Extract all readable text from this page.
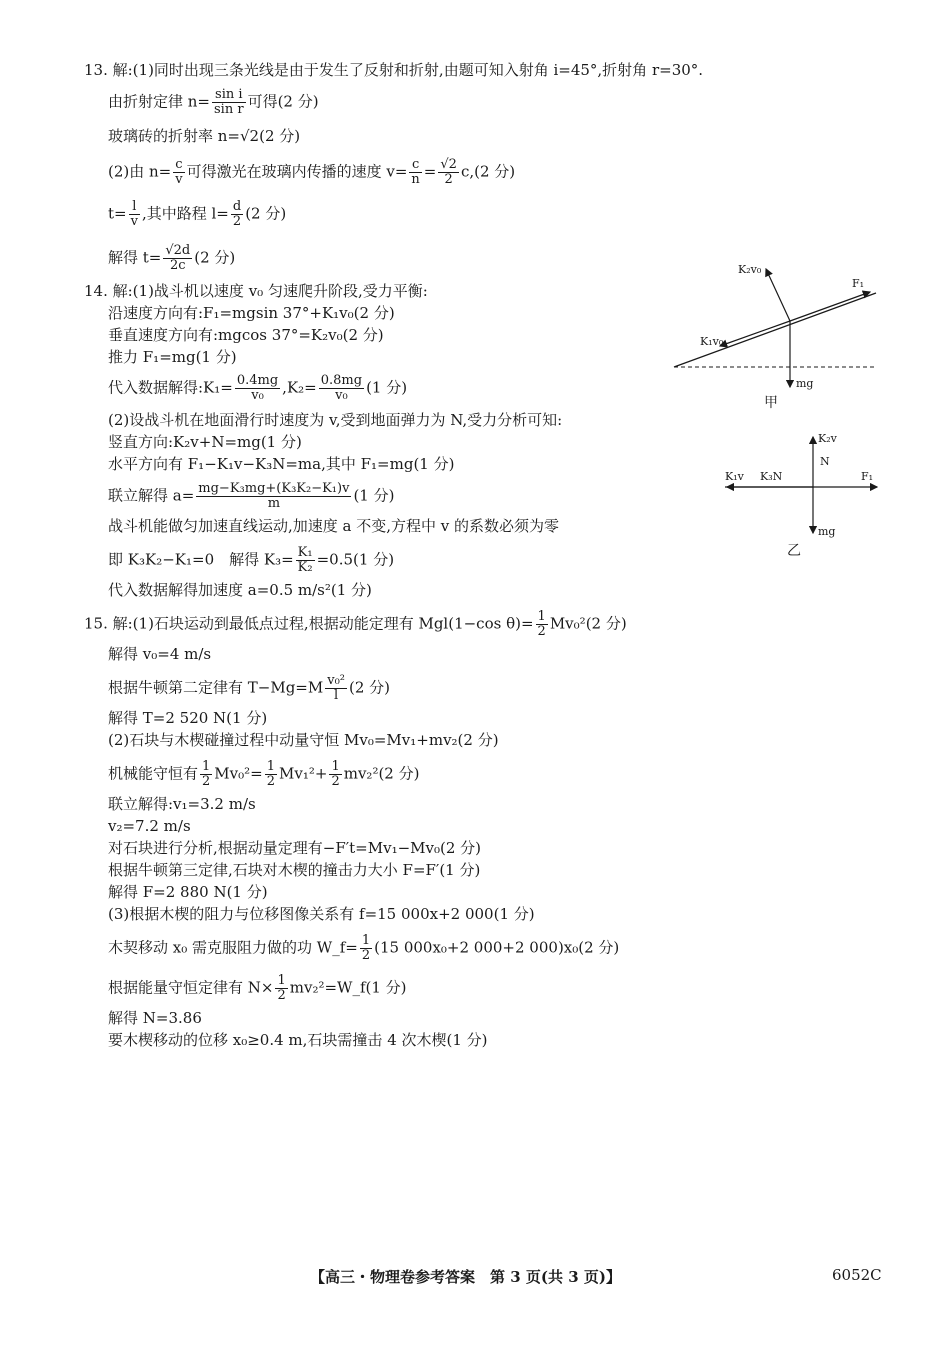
13. 解:(1)同时出现三条光线是由于发生了反射和折射,由题可知入射角 i=45°,折射角 r=30°.
由折射定律 $n= \frac{\text{sin i}}{\text{sin r}}$ 可得(2 分)
玻璃砖的折射率 n=√2(2 分)
(2)由 $n= \frac{c}{v}$ 可得激光在玻璃内传播的速度 $v= \frac{c}{n} = \frac{√2}{2} c,(2$ 分)
$t= \frac{l}{v}$ ,其中路程 $l= \frac{d}{2} (2$ 分)
解得 $t= \frac{√2d}{2c} (2$ 分)
14. 解:(1)战斗机以速度 v₀ 匀速爬升阶段,受力平衡:
沿速度方向有:F₁=mgsin 37°+K₁v₀(2 分)
垂直速度方向有:mgcos 37°=K₂v₀(2 分)
推力 F₁=mg(1 分)
代入数据解得:K₁= $\frac{0.4mg}{\text{v₀}} ,K_2= \frac{0.8mg}{\text{v₀}} (1$ 分)
(2)设战斗机在地面滑行时速度为 v,受到地面弹力为 N,受力分析可知:
竖直方向:K₂v+N=mg(1 分)
水平方向有 F₁−K₁v−K₃N=ma,其中 F₁=mg(1 分)
联立解得 $a= \frac{\text{mg−K₃mg+(K₃K₂−K₁)v}}{m} (1$ 分)
战斗机能做匀加速直线运动,加速度 a 不变,方程中 v 的系数必须为零
即 K₃K₂−K₁=0　解得 $K_3= \frac{\text{K₁}}{\text{K₂}} =0.5(1$ 分)
代入数据解得加速度 a=0.5 m/s²(1 分)
K₂v₀
F₁
K₁v₀
mg
甲
K₂v
N
K₁v K₃N	F₁
mg
乙
15. 解:(1)石块运动到最低点过程,根据动能定理有 Mgl(1−cos $\theta)= \frac{1}{2} Mv_0^2(2$ 分)
解得 v₀=4 m/s
根据牛顿第二定律有 $T-Mg=M \frac{\text{v₀²}}{l} (2$ 分)
解得 T=2 520 N(1 分)
(2)石块与木楔碰撞过程中动量守恒 Mv₀=Mv₁+mv₂(2 分)
机械能守恒有 $\frac{1}{2} Mv_0^2= \frac{1}{2} Mv_1^2+ \frac{1}{2} mv_2^2(2$ 分)
联立解得:v₁=3.2 m/s
v₂=7.2 m/s
对石块进行分析,根据动量定理有−F′t=Mv₁−Mv₀(2 分)
根据牛顿第三定律,石块对木楔的撞击力大小 F=F′(1 分)
解得 F=2 880 N(1 分)
(3)根据木楔的阻力与位移图像关系有 f=15 000x+2 000(1 分)
木契移动 x₀ 需克服阻力做的功 W_f= $\frac{1}{2} (15$ 000x₀+2 000+2 000)x₀(2 分)
根据能量守恒定律有 $N\times \frac{1}{2}$ mv₂²=W_f(1 分)
解得 N=3.86
要木楔移动的位移 x₀≥0.4 m,石块需撞击 4 次木楔(1 分)
【高三・物理卷参考答案　第 3 页(共 3 页)】	6052C
